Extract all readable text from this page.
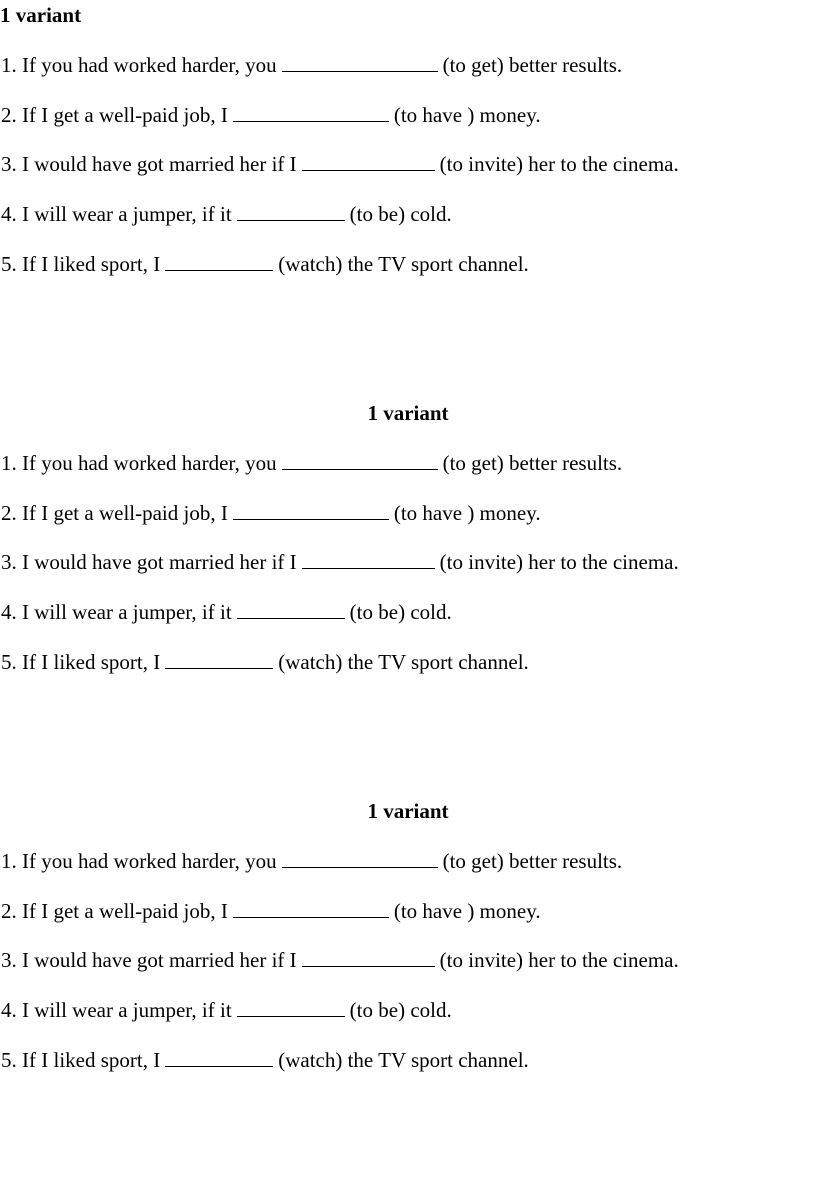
1 variant
1. If you had worked harder, you	(to get) better results.
2. If I get a well-paid job, I	(to have ) money.
3. I would have got married her if I	(to invite) her to the cinema.
4. I will wear a jumper, if it	(to be) cold.
5. If I liked sport, I	(watch) the TV sport channel.
1 variant
1. If you had worked harder, you	(to get) better results.
2. If I get a well-paid job, I	(to have ) money.
3. I would have got married her if I	(to invite) her to the cinema.
4. I will wear a jumper, if it	(to be) cold.
5. If I liked sport, I	(watch) the TV sport channel.
1 variant
1. If you had worked harder, you	(to get) better results.
2. If I get a well-paid job, I	(to have ) money.
3. I would have got married her if I	(to invite) her to the cinema.
4. I will wear a jumper, if it	(to be) cold.
5. If I liked sport, I	(watch) the TV sport channel.
